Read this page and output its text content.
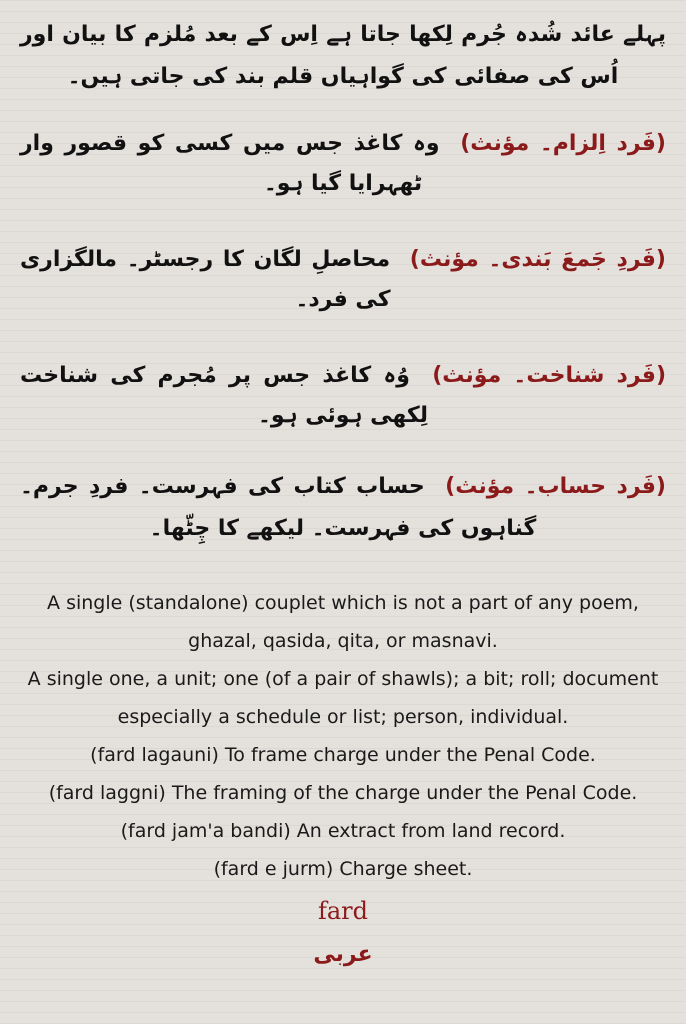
پہلے عائد شُدہ جُرم لِکھا جاتا ہے اِس کے بعد مُلزم کا بیان اور اُس کی صفائی کی گواہیاں قلم بند کی جاتی ہیں۔
(فَرد اِلزام۔ مؤنث) وہ کاغذ جس میں کسی کو قصور وار ٹھہرایا گیا ہو۔
(فَردِ جَمعَ بَندی۔ مؤنث) محاصلِ لگان کا رجسٹر۔ مالگزاری کی فرد۔
(فَرد شناخت۔ مؤنث) وُہ کاغذ جس پر مُجرم کی شناخت لِکھی ہوئی ہو۔
(فَرد حساب۔ مؤنث) حساب کتاب کی فہرست۔ فردِ جرم۔ گناہوں کی فہرست۔ لیکھے کا چِٹّھا۔
A single (standalone) couplet which is not a part of any poem, ghazal, qasida, qita, or masnavi.
A single one, a unit; one (of a pair of shawls); a bit; roll; document especially a schedule or list; person, individual.
(fard lagauni) To frame charge under the Penal Code.
(fard laggni) The framing of the charge under the Penal Code.
(fard jam'a bandi) An extract from land record.
(fard e jurm) Charge sheet.
fard
عربی
